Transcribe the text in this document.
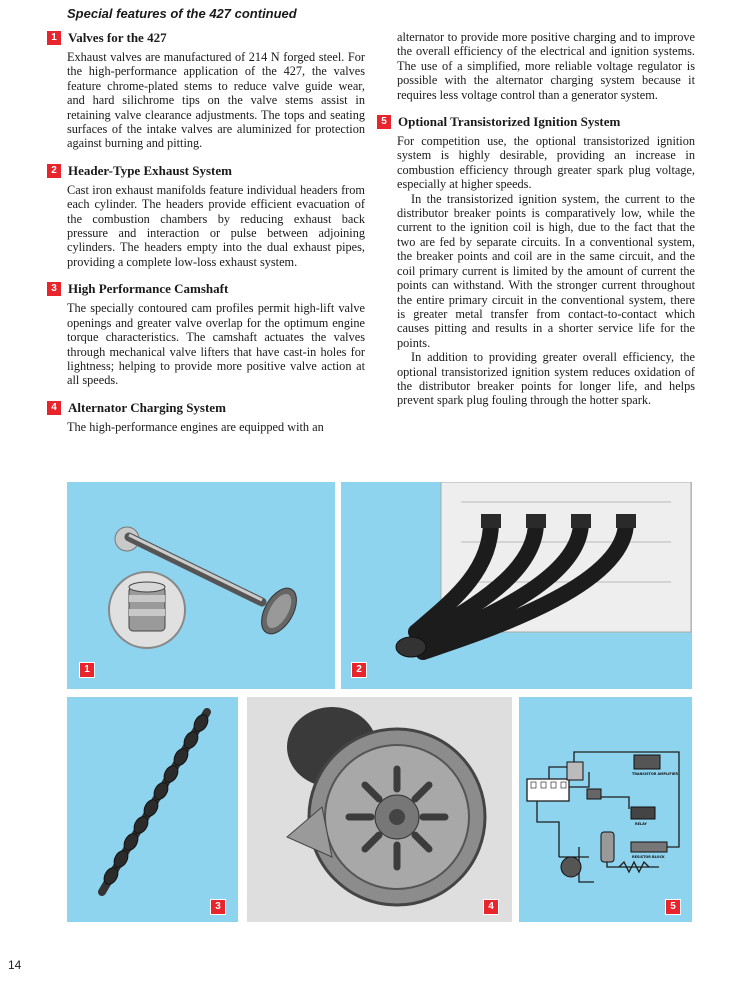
Special features of the 427 continued
1 Valves for the 427

Exhaust valves are manufactured of 214 N forged steel. For the high-performance application of the 427, the valves feature chrome-plated stems to reduce valve guide wear, and hard silichrome tips on the valve stems assist in retaining valve clearance adjustments. The tops and seating surfaces of the intake valves are aluminized for protection against burning and pitting.

2 Header-Type Exhaust System

Cast iron exhaust manifolds feature individual headers from each cylinder. The headers provide efficient evacuation of the combustion chambers by reducing exhaust back pressure and interaction or pulse between adjoining cylinders. The headers empty into the dual exhaust pipes, providing a complete low-loss exhaust system.

3 High Performance Camshaft

The specially contoured cam profiles permit high-lift valve openings and greater valve overlap for the optimum engine torque characteristics. The camshaft actuates the valves through mechanical valve lifters that have cast-in holes for lightness; helping to provide more positive valve action at all speeds.

4 Alternator Charging System

The high-performance engines are equipped with an

alternator to provide more positive charging and to improve the overall efficiency of the electrical and ignition systems. The use of a simplified, more reliable voltage regulator is possible with the alternator charging system because it requires less voltage control than a generator system.

5 Optional Transistorized Ignition System

For competition use, the optional transistorized ignition system is highly desirable, providing an increase in combustion efficiency through greater spark plug voltage, especially at higher speeds.

In the transistorized ignition system, the current to the distributor breaker points is comparatively low, while the current to the ignition coil is high, due to the fact that the two are fed by separate circuits. In a conventional system, the breaker points and coil are in the same circuit, and the coil primary current is limited by the amount of current the points can withstand. With the stronger current throughout the entire primary circuit in the conventional system, there is greater metal transfer from contact-to-contact which causes pitting and results in a shorter service life for the points.

In addition to providing greater overall efficiency, the optional transistorized ignition system reduces oxidation of the distributor breaker points for longer life, and helps prevent spark plug fouling through the hotter spark.

1	2
3	4
TRANSISTOR AMPLIFIER
RELAY
RESISTOR BLOCK
5
14
